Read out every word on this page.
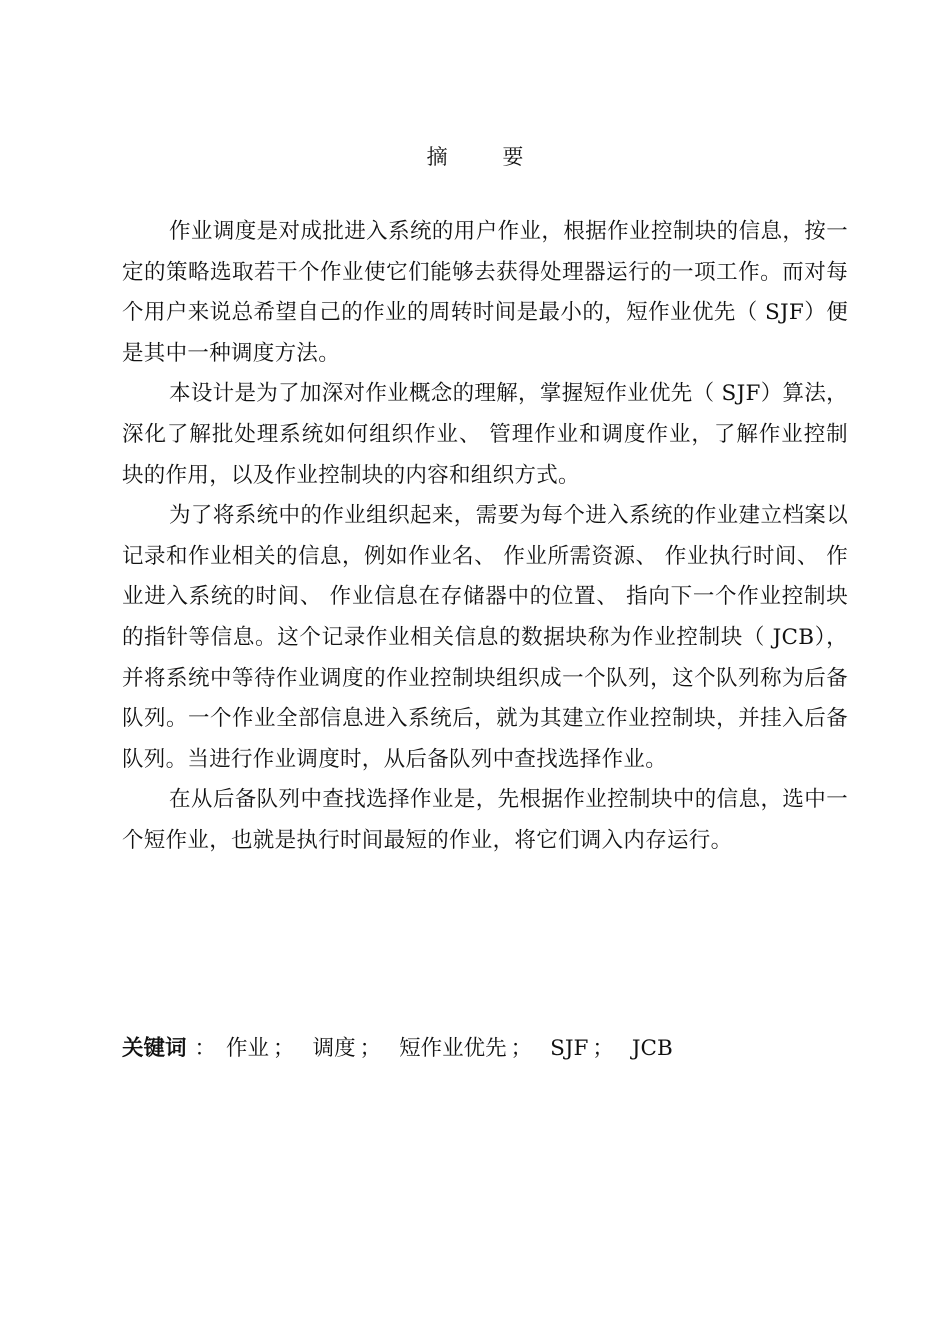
摘 要

作业调度是对成批进入系统的用户作业，根据作业控制块的信息，按一定的策略选取若干个作业使它们能够去获得处理器运行的一项工作。而对每个用户来说总希望自己的作业的周转时间是最小的，短作业优先（ SJF）便是其中一种调度方法。

本设计是为了加深对作业概念的理解，掌握短作业优先（ SJF）算法，深化了解批处理系统如何组织作业、 管理作业和调度作业，了解作业控制块的作用，以及作业控制块的内容和组织方式。

为了将系统中的作业组织起来，需要为每个进入系统的作业建立档案以记录和作业相关的信息，例如作业名、 作业所需资源、 作业执行时间、 作业进入系统的时间、 作业信息在存储器中的位置、 指向下一个作业控制块的指针等信息。这个记录作业相关信息的数据块称为作业控制块（ JCB），并将系统中等待作业调度的作业控制块组织成一个队列，这个队列称为后备队列。一个作业全部信息进入系统后，就为其建立作业控制块，并挂入后备队列。当进行作业调度时，从后备队列中查找选择作业。

在从后备队列中查找选择作业是，先根据作业控制块中的信息，选中一个短作业，也就是执行时间最短的作业，将它们调入内存运行。

关键词 ： 作业 ； 调度 ； 短作业优先 ； SJF ； JCB
